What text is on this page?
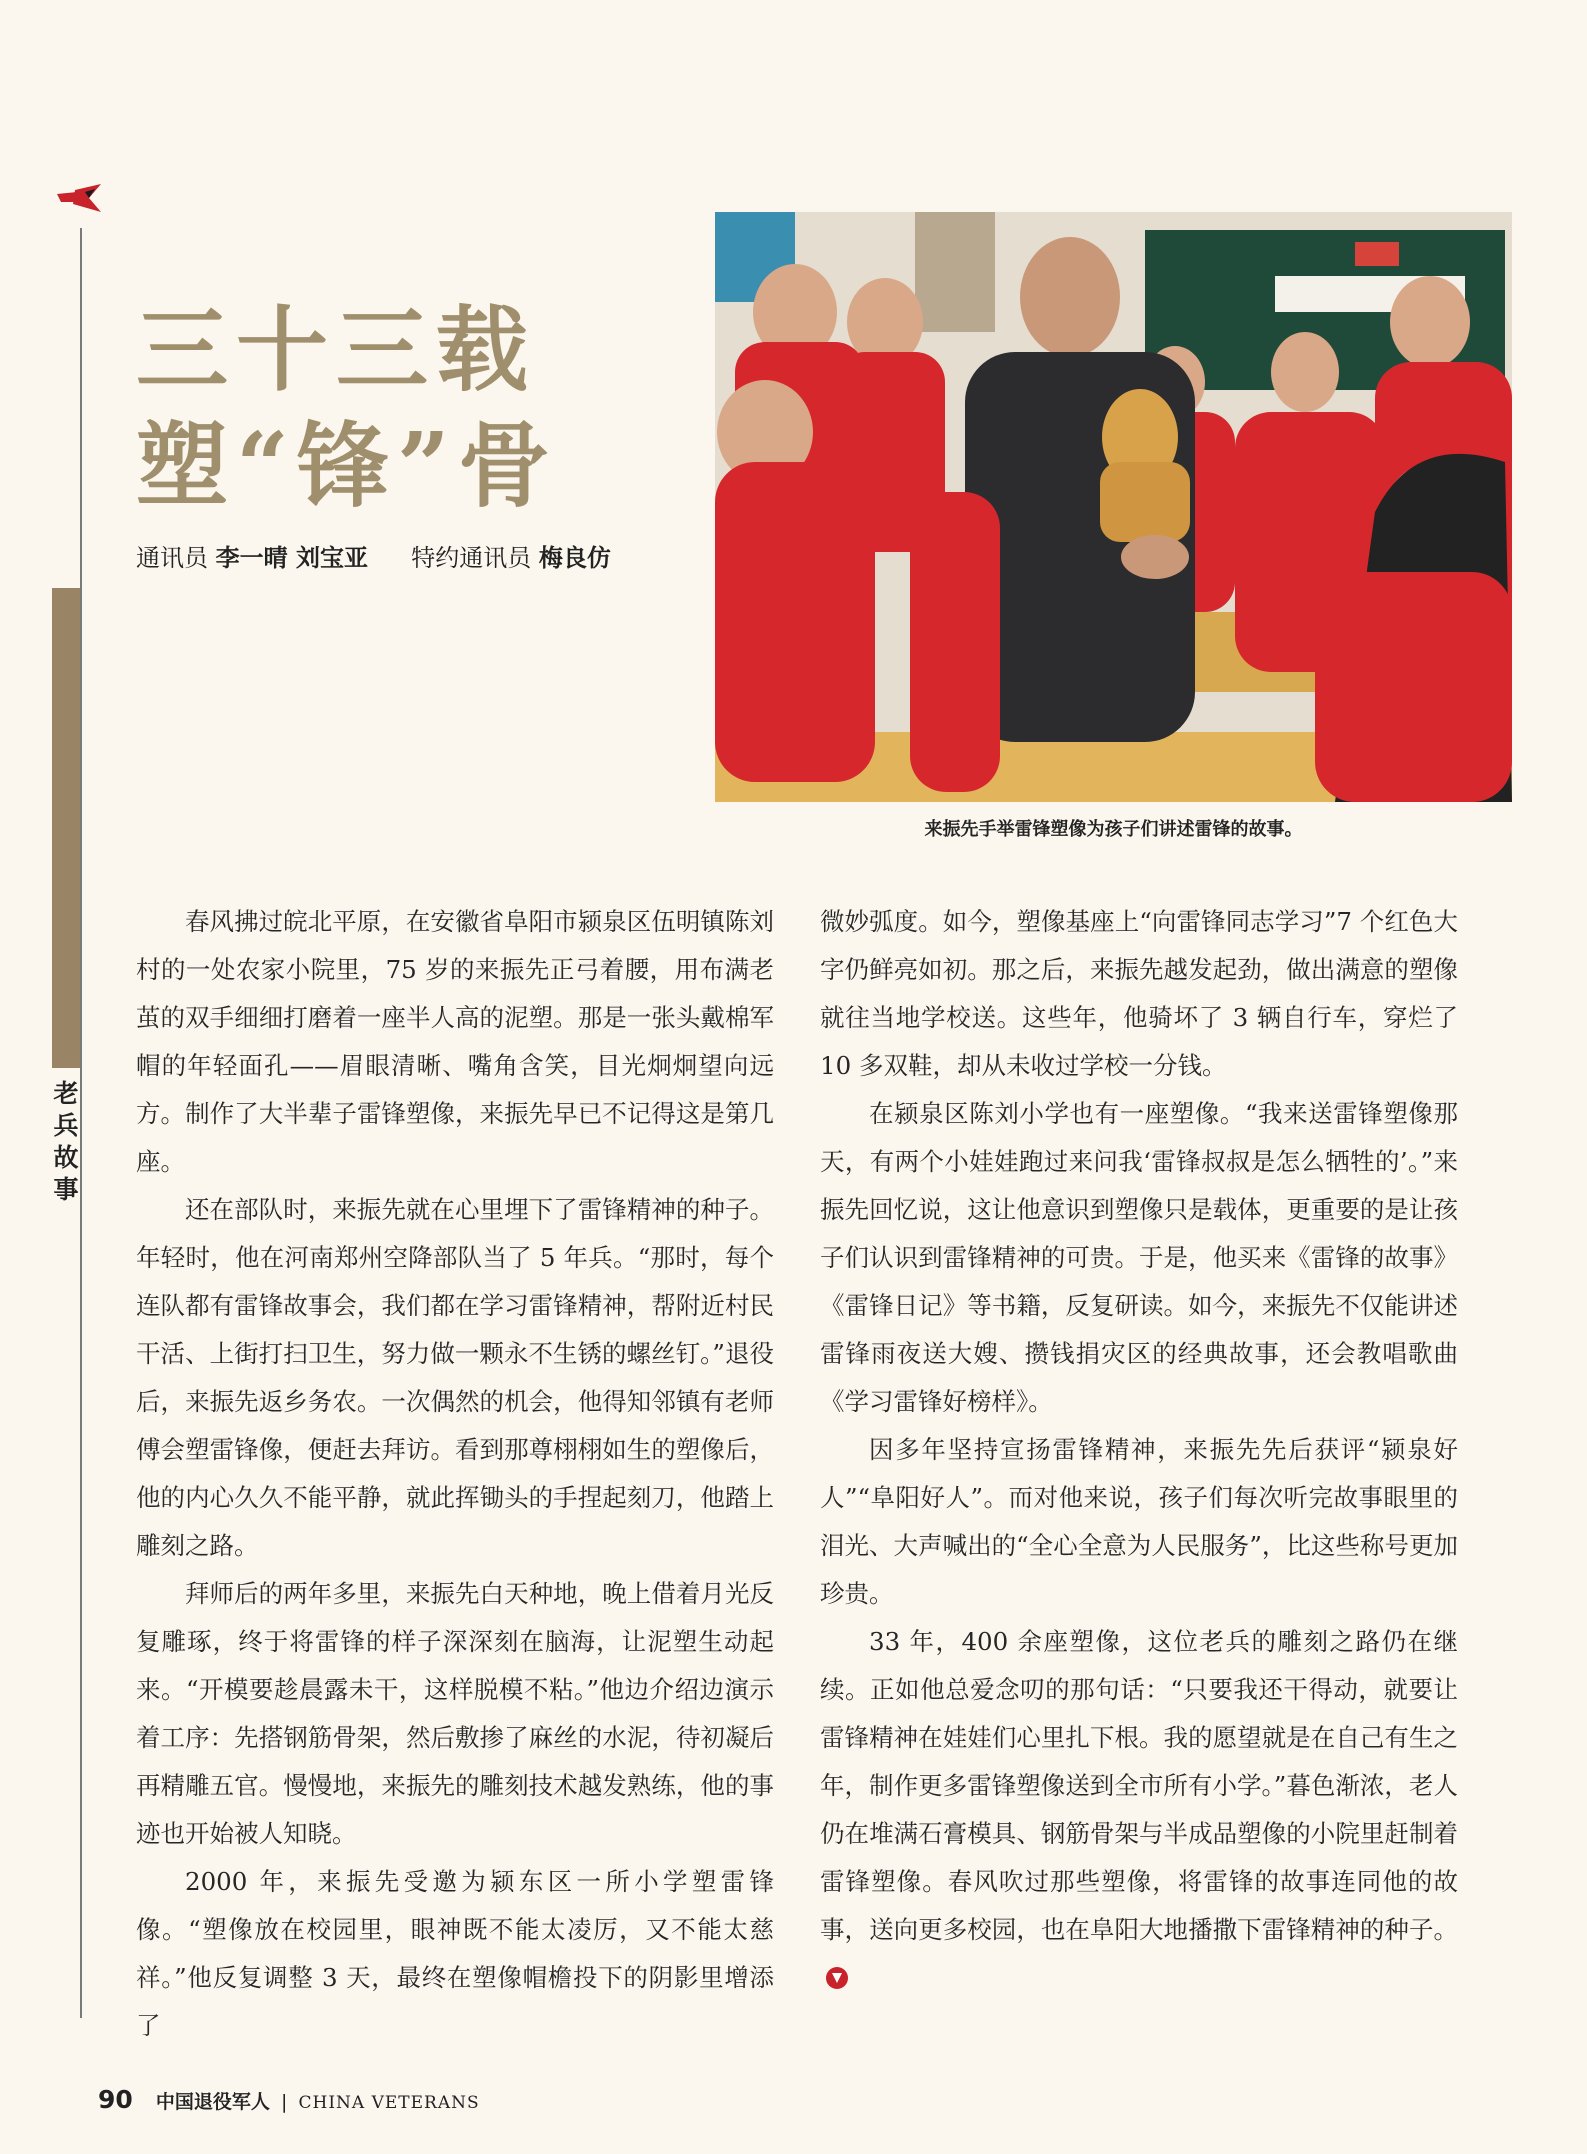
老
兵
故
事
三十三载
塑“锋”骨
通讯员 李一晴 刘宝亚 特约通讯员 梅良仿
来振先手举雷锋塑像为孩子们讲述雷锋的故事。

春风拂过皖北平原，在安徽省阜阳市颍泉区伍明镇陈刘村的一处农家小院里，75 岁的来振先正弓着腰，用布满老茧的双手细细打磨着一座半人高的泥塑。那是一张头戴棉军帽的年轻面孔——眉眼清晰、嘴角含笑，目光炯炯望向远方。制作了大半辈子雷锋塑像，来振先早已不记得这是第几座。

还在部队时，来振先就在心里埋下了雷锋精神的种子。年轻时，他在河南郑州空降部队当了 5 年兵。“那时，每个连队都有雷锋故事会，我们都在学习雷锋精神，帮附近村民干活、上街打扫卫生，努力做一颗永不生锈的螺丝钉。”退役后，来振先返乡务农。一次偶然的机会，他得知邻镇有老师傅会塑雷锋像，便赶去拜访。看到那尊栩栩如生的塑像后，他的内心久久不能平静，就此挥锄头的手捏起刻刀，他踏上雕刻之路。

拜师后的两年多里，来振先白天种地，晚上借着月光反复雕琢，终于将雷锋的样子深深刻在脑海，让泥塑生动起来。“开模要趁晨露未干，这样脱模不粘。”他边介绍边演示着工序：先搭钢筋骨架，然后敷掺了麻丝的水泥，待初凝后再精雕五官。慢慢地，来振先的雕刻技术越发熟练，他的事迹也开始被人知晓。

2000 年，来振先受邀为颍东区一所小学塑雷锋像。“塑像放在校园里，眼神既不能太凌厉，又不能太慈祥。”他反复调整 3 天，最终在塑像帽檐投下的阴影里增添了

微妙弧度。如今，塑像基座上“向雷锋同志学习”7 个红色大字仍鲜亮如初。那之后，来振先越发起劲，做出满意的塑像就往当地学校送。这些年，他骑坏了 3 辆自行车，穿烂了 10 多双鞋，却从未收过学校一分钱。

在颍泉区陈刘小学也有一座塑像。“我来送雷锋塑像那天，有两个小娃娃跑过来问我‘雷锋叔叔是怎么牺牲的’。”来振先回忆说，这让他意识到塑像只是载体，更重要的是让孩子们认识到雷锋精神的可贵。于是，他买来《雷锋的故事》《雷锋日记》等书籍，反复研读。如今，来振先不仅能讲述雷锋雨夜送大嫂、攒钱捐灾区的经典故事，还会教唱歌曲《学习雷锋好榜样》。

因多年坚持宣扬雷锋精神，来振先先后获评“颍泉好人”“阜阳好人”。而对他来说，孩子们每次听完故事眼里的泪光、大声喊出的“全心全意为人民服务”，比这些称号更加珍贵。

33 年，400 余座塑像，这位老兵的雕刻之路仍在继续。正如他总爱念叨的那句话：“只要我还干得动，就要让雷锋精神在娃娃们心里扎下根。我的愿望就是在自己有生之年，制作更多雷锋塑像送到全市所有小学。”暮色渐浓，老人仍在堆满石膏模具、钢筋骨架与半成品塑像的小院里赶制着雷锋塑像。春风吹过那些塑像，将雷锋的故事连同他的故事，送向更多校园，也在阜阳大地播撒下雷锋精神的种子。

90 中国退役军人 | CHINA VETERANS
